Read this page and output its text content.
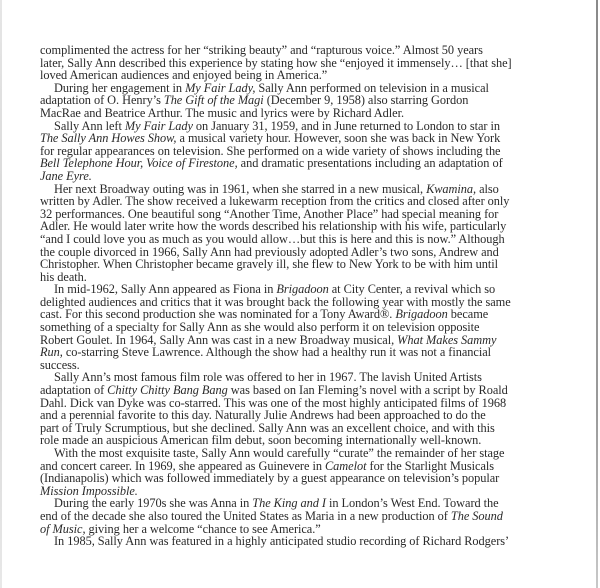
complimented the actress for her “striking beauty” and “rapturous voice.” Almost 50 years
later, Sally Ann described this experience by stating how she “enjoyed it immensely… [that she]
loved American audiences and enjoyed being in America.”
During her engagement in My Fair Lady, Sally Ann performed on television in a musical
adaptation of O. Henry’s The Gift of the Magi (December 9, 1958) also starring Gordon
MacRae and Beatrice Arthur. The music and lyrics were by Richard Adler.
Sally Ann left My Fair Lady on January 31, 1959, and in June returned to London to star in
The Sally Ann Howes Show, a musical variety hour. However, soon she was back in New York
for regular appearances on television. She performed on a wide variety of shows including the
Bell Telephone Hour, Voice of Firestone, and dramatic presentations including an adaptation of
Jane Eyre.
Her next Broadway outing was in 1961, when she starred in a new musical, Kwamina, also
written by Adler. The show received a lukewarm reception from the critics and closed after only
32 performances. One beautiful song “Another Time, Another Place” had special meaning for
Adler. He would later write how the words described his relationship with his wife, particularly
“and I could love you as much as you would allow…but this is here and this is now.” Although
the couple divorced in 1966, Sally Ann had previously adopted Adler’s two sons, Andrew and
Christopher. When Christopher became gravely ill, she flew to New York to be with him until
his death.
In mid-1962, Sally Ann appeared as Fiona in Brigadoon at City Center, a revival which so
delighted audiences and critics that it was brought back the following year with mostly the same
cast. For this second production she was nominated for a Tony Award®. Brigadoon became
something of a specialty for Sally Ann as she would also perform it on television opposite
Robert Goulet. In 1964, Sally Ann was cast in a new Broadway musical, What Makes Sammy
Run, co-starring Steve Lawrence. Although the show had a healthy run it was not a financial
success.
Sally Ann’s most famous film role was offered to her in 1967. The lavish United Artists
adaptation of Chitty Chitty Bang Bang was based on Ian Fleming’s novel with a script by Roald
Dahl. Dick van Dyke was co-starred. This was one of the most highly anticipated films of 1968
and a perennial favorite to this day. Naturally Julie Andrews had been approached to do the
part of Truly Scrumptious, but she declined. Sally Ann was an excellent choice, and with this
role made an auspicious American film debut, soon becoming internationally well-known.
With the most exquisite taste, Sally Ann would carefully “curate” the remainder of her stage
and concert career. In 1969, she appeared as Guinevere in Camelot for the Starlight Musicals
(Indianapolis) which was followed immediately by a guest appearance on television’s popular
Mission Impossible.
During the early 1970s she was Anna in The King and I in London’s West End. Toward the
end of the decade she also toured the United States as Maria in a new production of The Sound
of Music, giving her a welcome “chance to see America.”
In 1985, Sally Ann was featured in a highly anticipated studio recording of Richard Rodgers’
